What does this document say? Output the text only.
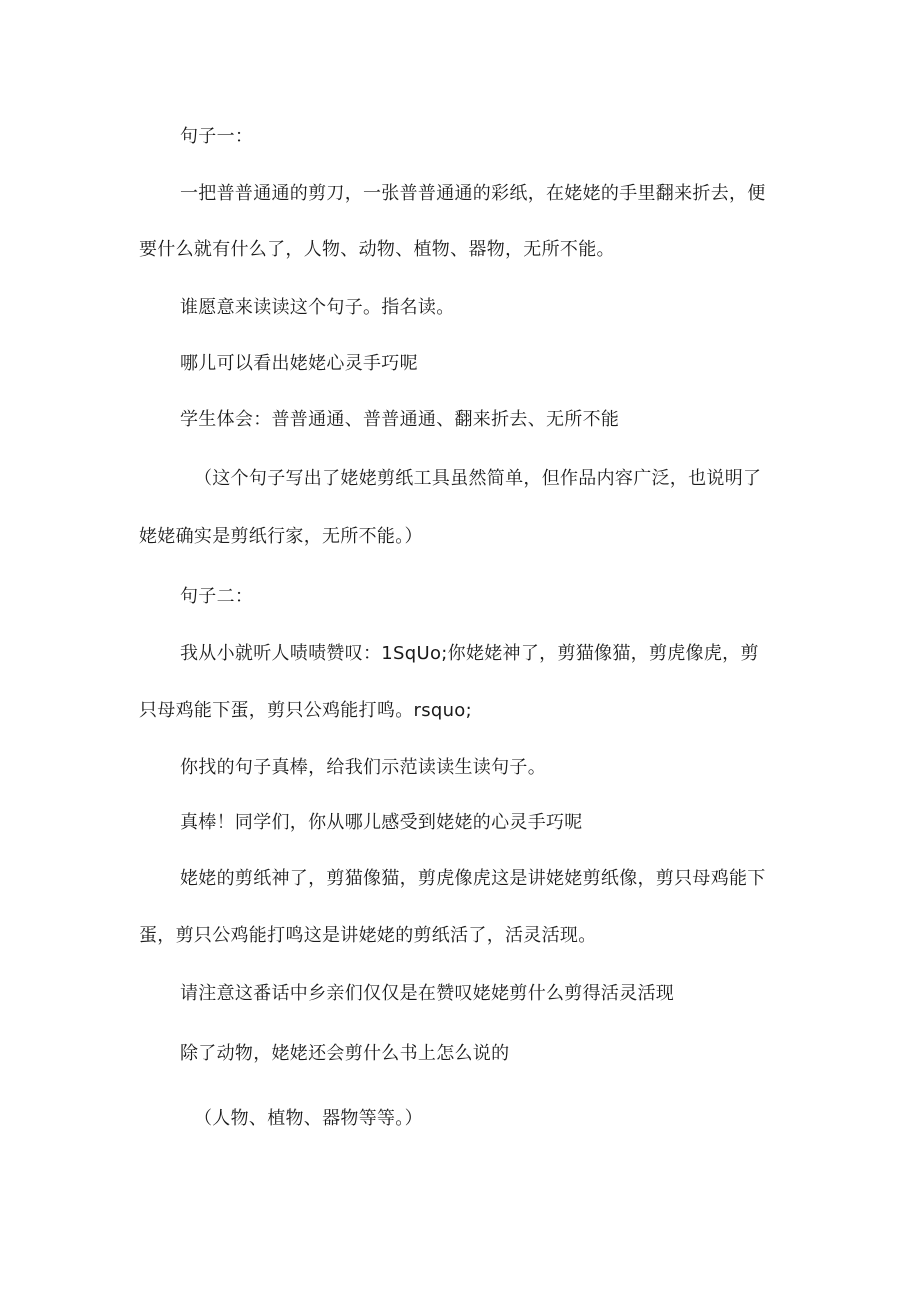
句子一：
一把普普通通的剪刀，一张普普通通的彩纸，在姥姥的手里翻来折去，便
要什么就有什么了，人物、动物、植物、器物，无所不能。
谁愿意来读读这个句子。指名读。
哪儿可以看出姥姥心灵手巧呢
学生体会：普普通通、普普通通、翻来折去、无所不能
（这个句子写出了姥姥剪纸工具虽然简单，但作品内容广泛，也说明了
姥姥确实是剪纸行家，无所不能。）
句子二：
我从小就听人啧啧赞叹：1SqUo;你姥姥神了，剪猫像猫，剪虎像虎，剪
只母鸡能下蛋，剪只公鸡能打鸣。rsquo;
你找的句子真棒，给我们示范读读生读句子。
真棒！同学们，你从哪儿感受到姥姥的心灵手巧呢
姥姥的剪纸神了，剪猫像猫，剪虎像虎这是讲姥姥剪纸像，剪只母鸡能下
蛋，剪只公鸡能打鸣这是讲姥姥的剪纸活了，活灵活现。
请注意这番话中乡亲们仅仅是在赞叹姥姥剪什么剪得活灵活现
除了动物，姥姥还会剪什么书上怎么说的
（人物、植物、器物等等。）
